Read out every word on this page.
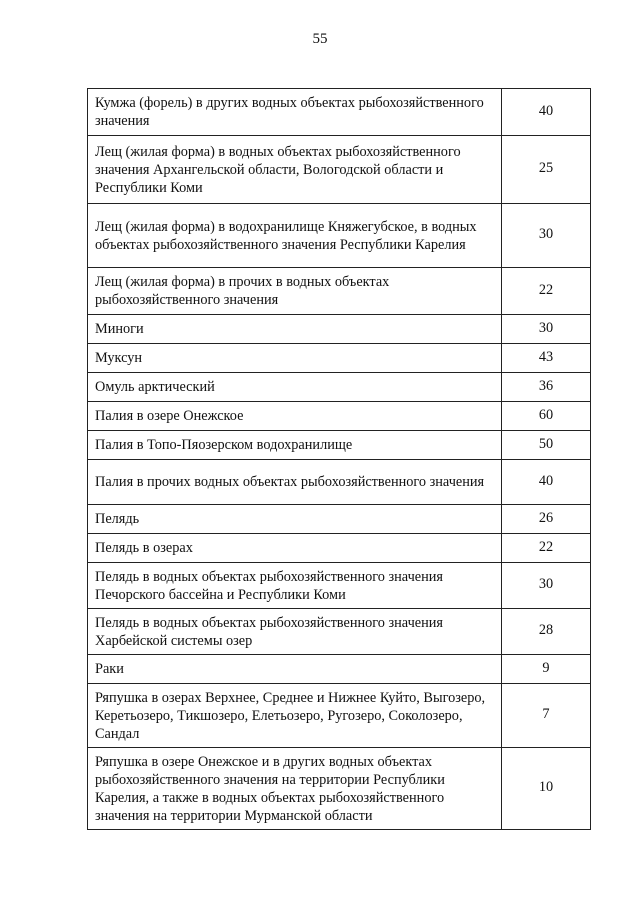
55
Кумжа (форель) в других водных объектах рыбохозяйственного значения	40
Лещ (жилая форма) в водных объектах рыбохозяйственного значения Архангельской области, Вологодской области и Республики Коми	25
Лещ (жилая форма) в водохранилище Княжегубское, в водных объектах рыбохозяйственного значения Республики Карелия	30
Лещ (жилая форма) в прочих в водных объектах рыбохозяйственного значения	22
Миноги	30
Муксун	43
Омуль арктический	36
Палия в озере Онежское	60
Палия в Топо-Пяозерском водохранилище	50
Палия в прочих водных объектах рыбохозяйственного значения	40
Пелядь	26
Пелядь в озерах	22
Пелядь в водных объектах рыбохозяйственного значения Печорского бассейна и Республики Коми	30
Пелядь в водных объектах рыбохозяйственного значения Харбейской системы озер	28
Раки	9
Ряпушка в озерах Верхнее, Среднее и Нижнее Куйто, Выгозеро, Керетьозеро, Тикшозеро, Елетьозеро, Ругозеро, Соколозеро, Сандал	7
Ряпушка в озере Онежское и в других водных объектах рыбохозяйственного значения на территории Республики Карелия, а также в водных объектах рыбохозяйственного значения на территории Мурманской области	10
